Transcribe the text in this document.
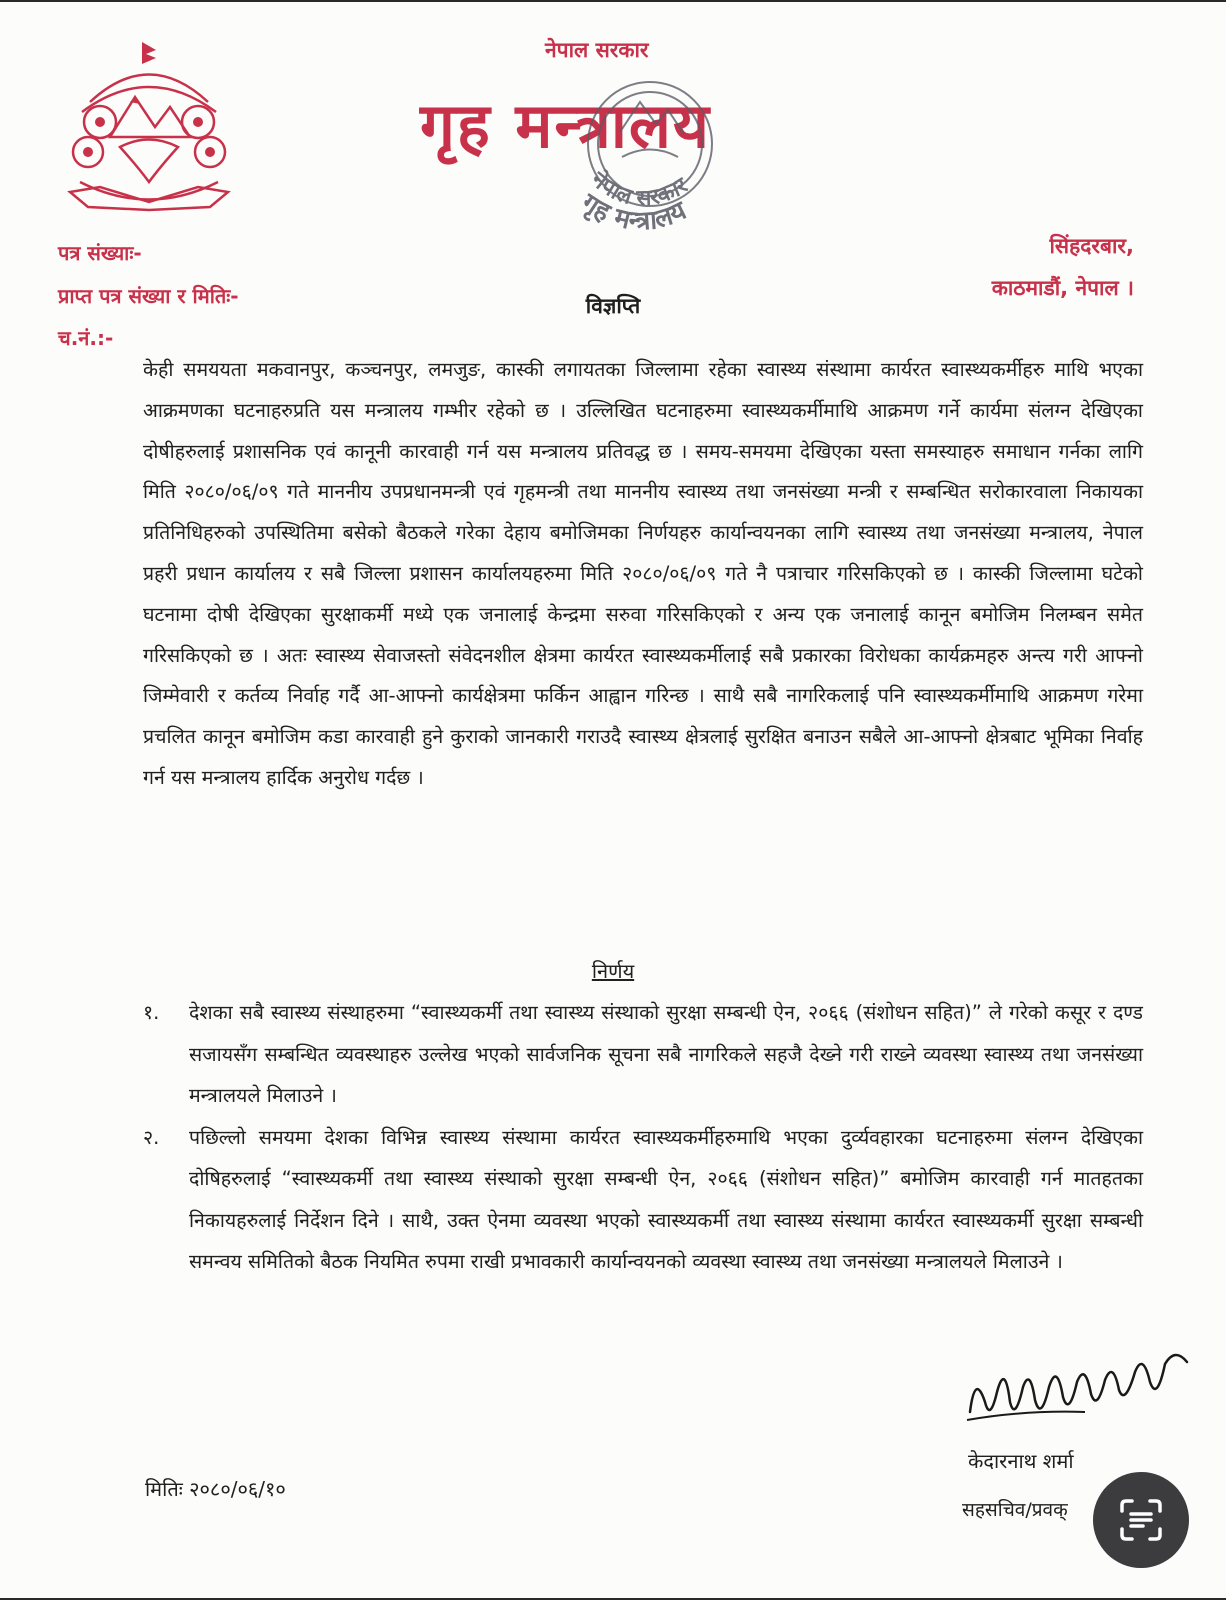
नेपाल सरकार
गृह मन्त्रालय
नेपाल सरकार
गृह मन्त्रालय
पत्र संख्याः-
प्राप्त पत्र संख्या र मितिः-
च.नं.:-
सिंहदरबार,
काठमाडौं, नेपाल ।
विज्ञप्ति
केही समययता मकवानपुर, कञ्चनपुर, लमजुङ, कास्की लगायतका जिल्लामा रहेका स्वास्थ्य संस्थामा कार्यरत स्वास्थ्यकर्मीहरु माथि भएका आक्रमणका घटनाहरुप्रति यस मन्त्रालय गम्भीर रहेको छ । उल्लिखित घटनाहरुमा स्वास्थ्यकर्मीमाथि आक्रमण गर्ने कार्यमा संलग्न देखिएका दोषीहरुलाई प्रशासनिक एवं कानूनी कारवाही गर्न यस मन्त्रालय प्रतिवद्ध छ । समय-समयमा देखिएका यस्ता समस्याहरु समाधान गर्नका लागि मिति २०८०/०६/०९ गते माननीय उपप्रधानमन्त्री एवं गृहमन्त्री तथा माननीय स्वास्थ्य तथा जनसंख्या मन्त्री र सम्बन्धित सरोकारवाला निकायका प्रतिनिधिहरुको उपस्थितिमा बसेको बैठकले गरेका देहाय बमोजिमका निर्णयहरु कार्यान्वयनका लागि स्वास्थ्य तथा जनसंख्या मन्त्रालय, नेपाल प्रहरी प्रधान कार्यालय र सबै जिल्ला प्रशासन कार्यालयहरुमा मिति २०८०/०६/०९ गते नै पत्राचार गरिसकिएको छ । कास्की जिल्लामा घटेको घटनामा दोषी देखिएका सुरक्षाकर्मी मध्ये एक जनालाई केन्द्रमा सरुवा गरिसकिएको र अन्य एक जनालाई कानून बमोजिम निलम्बन समेत गरिसकिएको छ । अतः स्वास्थ्य सेवाजस्तो संवेदनशील क्षेत्रमा कार्यरत स्वास्थ्यकर्मीलाई सबै प्रकारका विरोधका कार्यक्रमहरु अन्त्य गरी आफ्नो जिम्मेवारी र कर्तव्य निर्वाह गर्दै आ-आफ्नो कार्यक्षेत्रमा फर्किन आह्वान गरिन्छ । साथै सबै नागरिकलाई पनि स्वास्थ्यकर्मीमाथि आक्रमण गरेमा प्रचलित कानून बमोजिम कडा कारवाही हुने कुराको जानकारी गराउदै स्वास्थ्य क्षेत्रलाई सुरक्षित बनाउन सबैले आ-आफ्नो क्षेत्रबाट भूमिका निर्वाह गर्न यस मन्त्रालय हार्दिक अनुरोध गर्दछ ।
निर्णय
१. देशका सबै स्वास्थ्य संस्थाहरुमा “स्वास्थ्यकर्मी तथा स्वास्थ्य संस्थाको सुरक्षा सम्बन्धी ऐन, २०६६ (संशोधन सहित)” ले गरेको कसूर र दण्ड सजायसँग सम्बन्धित व्यवस्थाहरु उल्लेख भएको सार्वजनिक सूचना सबै नागरिकले सहजै देख्ने गरी राख्ने व्यवस्था स्वास्थ्य तथा जनसंख्या मन्त्रालयले मिलाउने ।
२. पछिल्लो समयमा देशका विभिन्न स्वास्थ्य संस्थामा कार्यरत स्वास्थ्यकर्मीहरुमाथि भएका दुर्व्यवहारका घटनाहरुमा संलग्न देखिएका दोषिहरुलाई “स्वास्थ्यकर्मी तथा स्वास्थ्य संस्थाको सुरक्षा सम्बन्धी ऐन, २०६६ (संशोधन सहित)” बमोजिम कारवाही गर्न मातहतका निकायहरुलाई निर्देशन दिने । साथै, उक्त ऐनमा व्यवस्था भएको स्वास्थ्यकर्मी तथा स्वास्थ्य संस्थामा कार्यरत स्वास्थ्यकर्मी सुरक्षा सम्बन्धी समन्वय समितिको बैठक नियमित रुपमा राखी प्रभावकारी कार्यान्वयनको व्यवस्था स्वास्थ्य तथा जनसंख्या मन्त्रालयले मिलाउने ।
केदारनाथ शर्मा
सहसचिव/प्रवक्
मितिः २०८०/०६/१०
